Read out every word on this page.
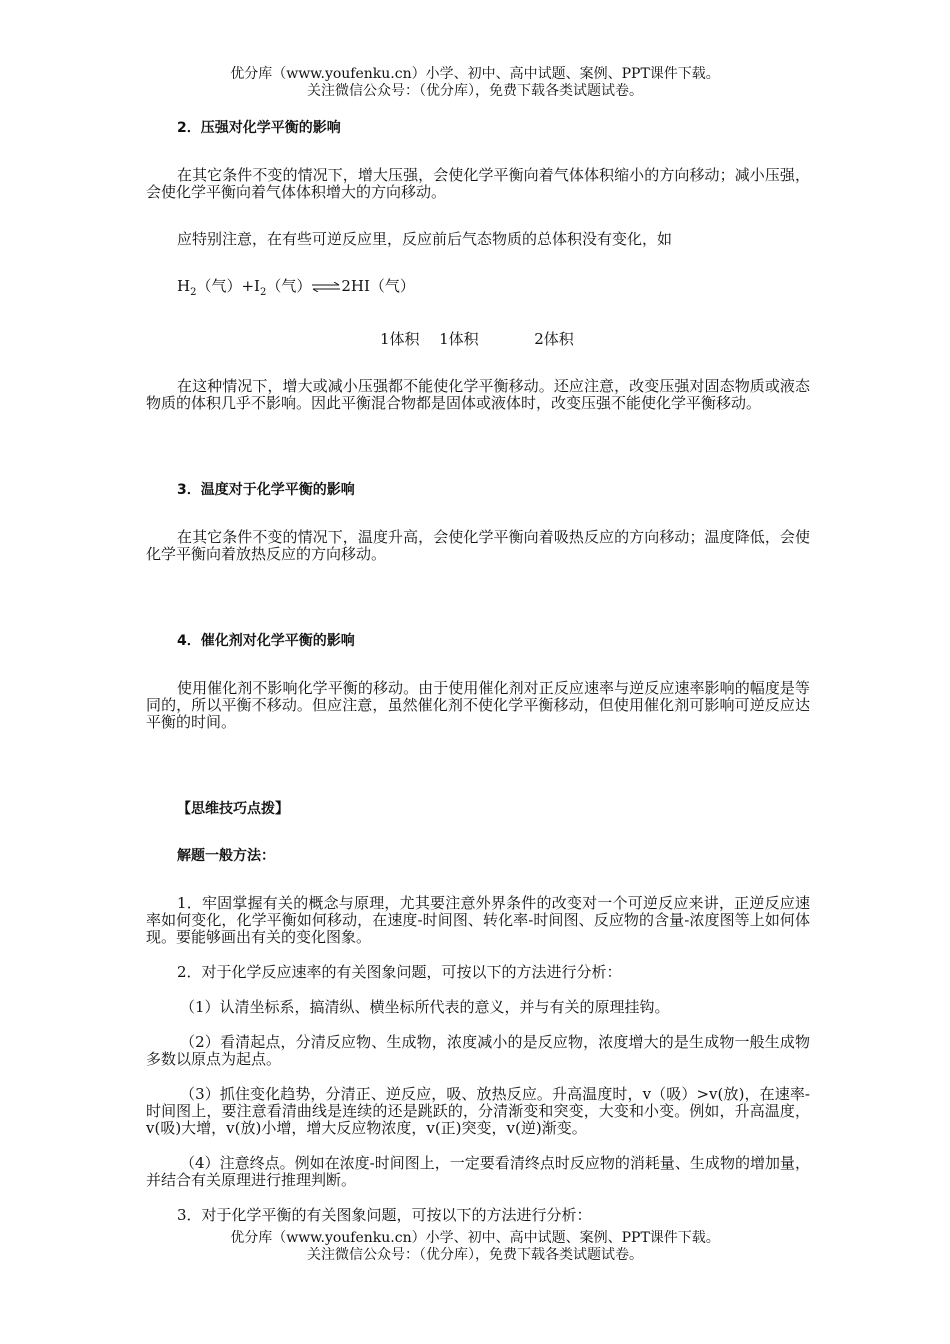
优分库（www.youfenku.cn）小学、初中、高中试题、案例、PPT课件下载。
关注微信公众号：（优分库），免费下载各类试题试卷。

2．压强对化学平衡的影响

在其它条件不变的情况下，增大压强，会使化学平衡向着气体体积缩小的方向移动；减小压强，会使化学平衡向着气体体积增大的方向移动。

应特别注意，在有些可逆反应里，反应前后气态物质的总体积没有变化，如

$H_2$（气）$+I_2$（气）⇌2HI（气）

1体积 1体积	2体积

在这种情况下，增大或减小压强都不能使化学平衡移动。还应注意，改变压强对固态物质或液态物质的体积几乎不影响。因此平衡混合物都是固体或液体时，改变压强不能使化学平衡移动。

3．温度对于化学平衡的影响

在其它条件不变的情况下，温度升高，会使化学平衡向着吸热反应的方向移动；温度降低，会使化学平衡向着放热反应的方向移动。

4．催化剂对化学平衡的影响

使用催化剂不影响化学平衡的移动。由于使用催化剂对正反应速率与逆反应速率影响的幅度是等同的，所以平衡不移动。但应注意，虽然催化剂不使化学平衡移动，但使用催化剂可影响可逆反应达平衡的时间。

【思维技巧点拨】

解题一般方法：

1．牢固掌握有关的概念与原理，尤其要注意外界条件的改变对一个可逆反应来讲，正逆反应速率如何变化，化学平衡如何移动，在速度-时间图、转化率-时间图、反应物的含量-浓度图等上如何体现。要能够画出有关的变化图象。

2．对于化学反应速率的有关图象问题，可按以下的方法进行分析：

（1）认清坐标系，搞清纵、横坐标所代表的意义，并与有关的原理挂钩。

（2）看清起点，分清反应物、生成物，浓度减小的是反应物，浓度增大的是生成物一般生成物多数以原点为起点。

（3）抓住变化趋势，分清正、逆反应，吸、放热反应。升高温度时，v（吸）>v(放)，在速率-时间图上，要注意看清曲线是连续的还是跳跃的，分清渐变和突变，大变和小变。例如，升高温度，v(吸)大增，v(放)小增，增大反应物浓度，v(正)突变，v(逆)渐变。

（4）注意终点。例如在浓度-时间图上，一定要看清终点时反应物的消耗量、生成物的增加量，并结合有关原理进行推理判断。

3．对于化学平衡的有关图象问题，可按以下的方法进行分析：

优分库（www.youfenku.cn）小学、初中、高中试题、案例、PPT课件下载。
关注微信公众号：（优分库），免费下载各类试题试卷。
